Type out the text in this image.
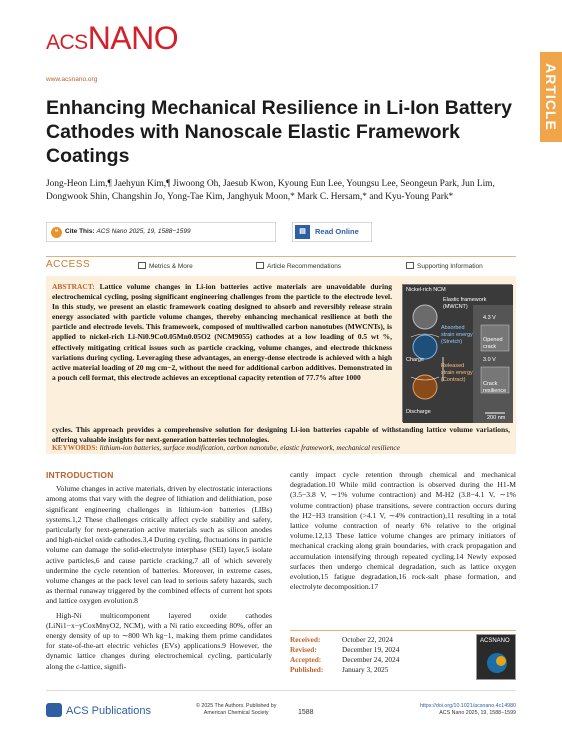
ACSNANO
www.acsnano.org	ARTICLE
Enhancing Mechanical Resilience in Li-Ion Battery Cathodes with Nanoscale Elastic Framework Coatings
Jong-Heon Lim,¶ Jaehyun Kim,¶ Jiwoong Oh, Jaesub Kwon, Kyoung Eun Lee, Youngsu Lee, Seongeun Park, Jun Lim, Dongwook Shin, Changshin Jo, Yong-Tae Kim, Janghyuk Moon,* Mark C. Hersam,* and Kyu-Young Park*
❝	Cite This: ACS Nano 2025, 19, 1588−1599	▤	Read Online
ACCESS	Metrics & More	Article Recommendations	Supporting Information
ABSTRACT: Lattice volume changes in Li-ion batteries active materials are unavoidable during electrochemical cycling, posing significant engineering challenges from the particle to the electrode level. In this study, we present an elastic framework coating designed to absorb and reversibly release strain energy associated with particle volume changes, thereby enhancing mechanical resilience at both the particle and electrode levels. This framework, composed of multiwalled carbon nanotubes (MWCNTs), is applied to nickel-rich Li-Ni0.9Co0.05Mn0.05O2 (NCM9055) cathodes at a low loading of 0.5 wt %, effectively mitigating critical issues such as particle cracking, volume changes, and electrode thickness variations during cycling. Leveraging these advantages, an energy-dense electrode is achieved with a high active material loading of 20 mg cm−2, without the need for additional carbon additives. Demonstrated in a pouch cell format, this electrode achieves an exceptional capacity retention of 77.7% after 1000
cycles. This approach provides a comprehensive solution for designing Li-ion batteries capable of withstanding lattice volume variations, offering valuable insights for next-generation batteries technologies.
KEYWORDS: lithium-ion batteries, surface modification, carbon nanotube, elastic framework, mechanical resilience
Nickel-rich NCM
Elastic framework
(MWCNT)
Absorbed
strain energy
(Stretch)
Released
strain energy
(Contract)
Charge
Discharge
4.3 V
Opened
crack
3.0 V
Crack
resilience
200 nm
INTRODUCTION

Volume changes in active materials, driven by electrostatic interactions among atoms that vary with the degree of lithiation and delithiation, pose significant engineering challenges in lithium-ion batteries (LIBs) systems.1,2 These challenges critically affect cycle stability and safety, particularly for next-generation active materials such as silicon anodes and high-nickel oxide cathodes.3,4 During cycling, fluctuations in particle volume can damage the solid-electrolyte interphase (SEI) layer,5 isolate active particles,6 and cause particle cracking,7 all of which severely undermine the cycle retention of batteries. Moreover, in extreme cases, volume changes at the pack level can lead to serious safety hazards, such as thermal runaway triggered by the combined effects of current hot spots and lattice oxygen evolution.8

High-Ni multicomponent layered oxide cathodes (LiNi1−x−yCoxMnyO2, NCM), with a Ni ratio exceeding 80%, offer an energy density of up to ∼800 Wh kg−1, making them prime candidates for state-of-the-art electric vehicles (EVs) applications.9 However, the dynamic lattice changes during electrochemical cycling, particularly along the c-lattice, signifi-

cantly impact cycle retention through chemical and mechanical degradation.10 While mild contraction is observed during the H1-M (3.5−3.8 V, ∼1% volume contraction) and M-H2 (3.8−4.1 V, ∼1% volume contraction) phase transitions, severe contraction occurs during the H2−H3 transition (>4.1 V, ∼4% contraction),11 resulting in a total lattice volume contraction of nearly 6% relative to the original volume.12,13 These lattice volume changes are primary initiators of mechanical cracking along grain boundaries, with crack propagation and accumulation intensifying through repeated cycling.14 Newly exposed surfaces then undergo chemical degradation, such as lattice oxygen evolution,15 fatigue degradation,16 rock-salt phase formation, and electrolyte decomposition.17

Received:	October 22, 2024
Revised:	December 19, 2024
Accepted:	December 24, 2024
Published:	January 3, 2025
ACSNANO
ACS Publications	© 2025 The Authors. Published by
American Chemical Society	1588
https://doi.org/10.1021/acsnano.4c14980
ACS Nano 2025, 19, 1588−1599
